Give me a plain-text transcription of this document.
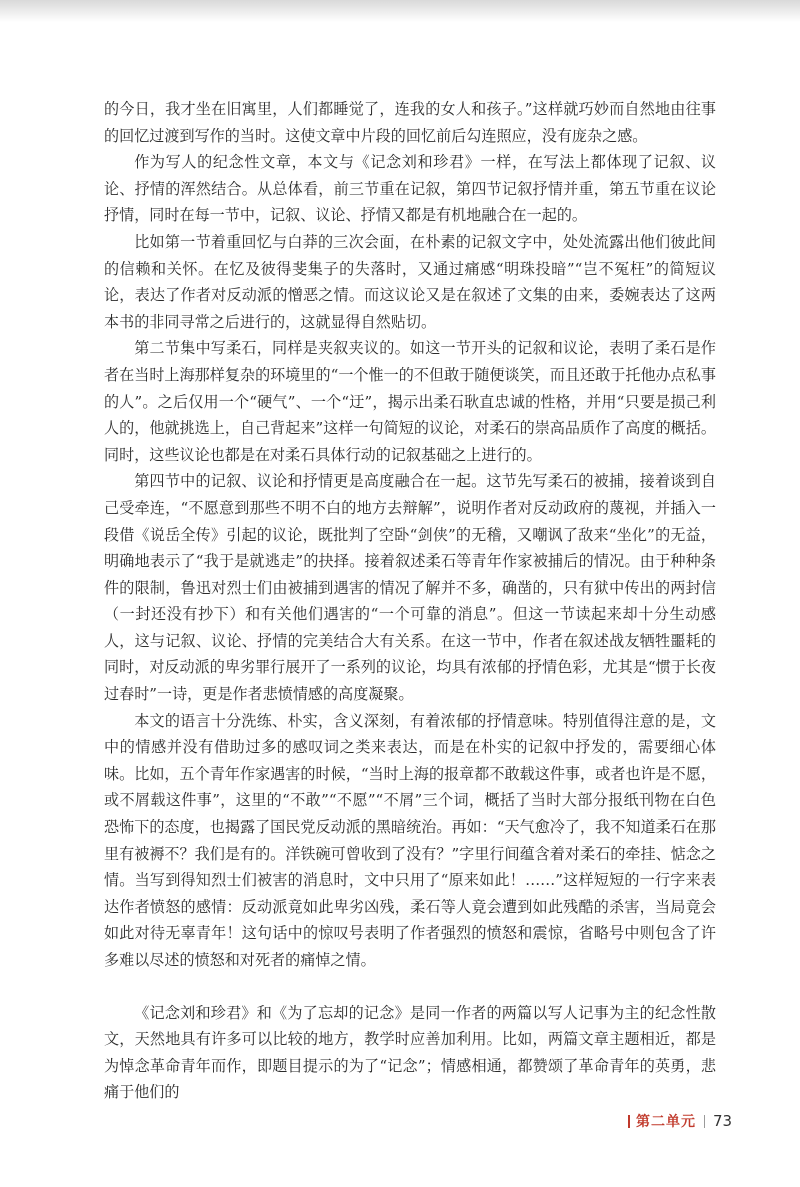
的今日，我才坐在旧寓里，人们都睡觉了，连我的女人和孩子。”这样就巧妙而自然地由往事的回忆过渡到写作的当时。这使文章中片段的回忆前后勾连照应，没有庞杂之感。

作为写人的纪念性文章，本文与《记念刘和珍君》一样，在写法上都体现了记叙、议论、抒情的浑然结合。从总体看，前三节重在记叙，第四节记叙抒情并重，第五节重在议论抒情，同时在每一节中，记叙、议论、抒情又都是有机地融合在一起的。

比如第一节着重回忆与白莽的三次会面，在朴素的记叙文字中，处处流露出他们彼此间的信赖和关怀。在忆及彼得斐集子的失落时，又通过痛感“明珠投暗”“岂不冤枉”的简短议论，表达了作者对反动派的憎恶之情。而这议论又是在叙述了文集的由来，委婉表达了这两本书的非同寻常之后进行的，这就显得自然贴切。

第二节集中写柔石，同样是夹叙夹议的。如这一节开头的记叙和议论，表明了柔石是作者在当时上海那样复杂的环境里的“一个惟一的不但敢于随便谈笑，而且还敢于托他办点私事的人”。之后仅用一个“硬气”、一个“迂”，揭示出柔石耿直忠诚的性格，并用“只要是损己利人的，他就挑选上，自己背起来”这样一句简短的议论，对柔石的崇高品质作了高度的概括。同时，这些议论也都是在对柔石具体行动的记叙基础之上进行的。

第四节中的记叙、议论和抒情更是高度融合在一起。这节先写柔石的被捕，接着谈到自己受牵连，“不愿意到那些不明不白的地方去辩解”，说明作者对反动政府的蔑视，并插入一段借《说岳全传》引起的议论，既批判了空卧“剑侠”的无稽，又嘲讽了敌来“坐化”的无益，明确地表示了“我于是就逃走”的抉择。接着叙述柔石等青年作家被捕后的情况。由于种种条件的限制，鲁迅对烈士们由被捕到遇害的情况了解并不多，确凿的，只有狱中传出的两封信（一封还没有抄下）和有关他们遇害的“一个可靠的消息”。但这一节读起来却十分生动感人，这与记叙、议论、抒情的完美结合大有关系。在这一节中，作者在叙述战友牺牲噩耗的同时，对反动派的卑劣罪行展开了一系列的议论，均具有浓郁的抒情色彩，尤其是“惯于长夜过春时”一诗，更是作者悲愤情感的高度凝聚。

本文的语言十分洗练、朴实，含义深刻，有着浓郁的抒情意味。特别值得注意的是，文中的情感并没有借助过多的感叹词之类来表达，而是在朴实的记叙中抒发的，需要细心体味。比如，五个青年作家遇害的时候，“当时上海的报章都不敢载这件事，或者也许是不愿，或不屑载这件事”，这里的“不敢”“不愿”“不屑”三个词，概括了当时大部分报纸刊物在白色恐怖下的态度，也揭露了国民党反动派的黑暗统治。再如：“天气愈冷了，我不知道柔石在那里有被褥不？我们是有的。洋铁碗可曾收到了没有？”字里行间蕴含着对柔石的牵挂、惦念之情。当写到得知烈士们被害的消息时，文中只用了“原来如此！……”这样短短的一行字来表达作者愤怒的感情：反动派竟如此卑劣凶残，柔石等人竟会遭到如此残酷的杀害，当局竟会如此对待无辜青年！这句话中的惊叹号表明了作者强烈的愤怒和震惊，省略号中则包含了许多难以尽述的愤怒和对死者的痛悼之情。

《记念刘和珍君》和《为了忘却的记念》是同一作者的两篇以写人记事为主的纪念性散文，天然地具有许多可以比较的地方，教学时应善加利用。比如，两篇文章主题相近，都是为悼念革命青年而作，即题目提示的为了“记念”；情感相通，都赞颂了革命青年的英勇，悲痛于他们的

第二单元 73
